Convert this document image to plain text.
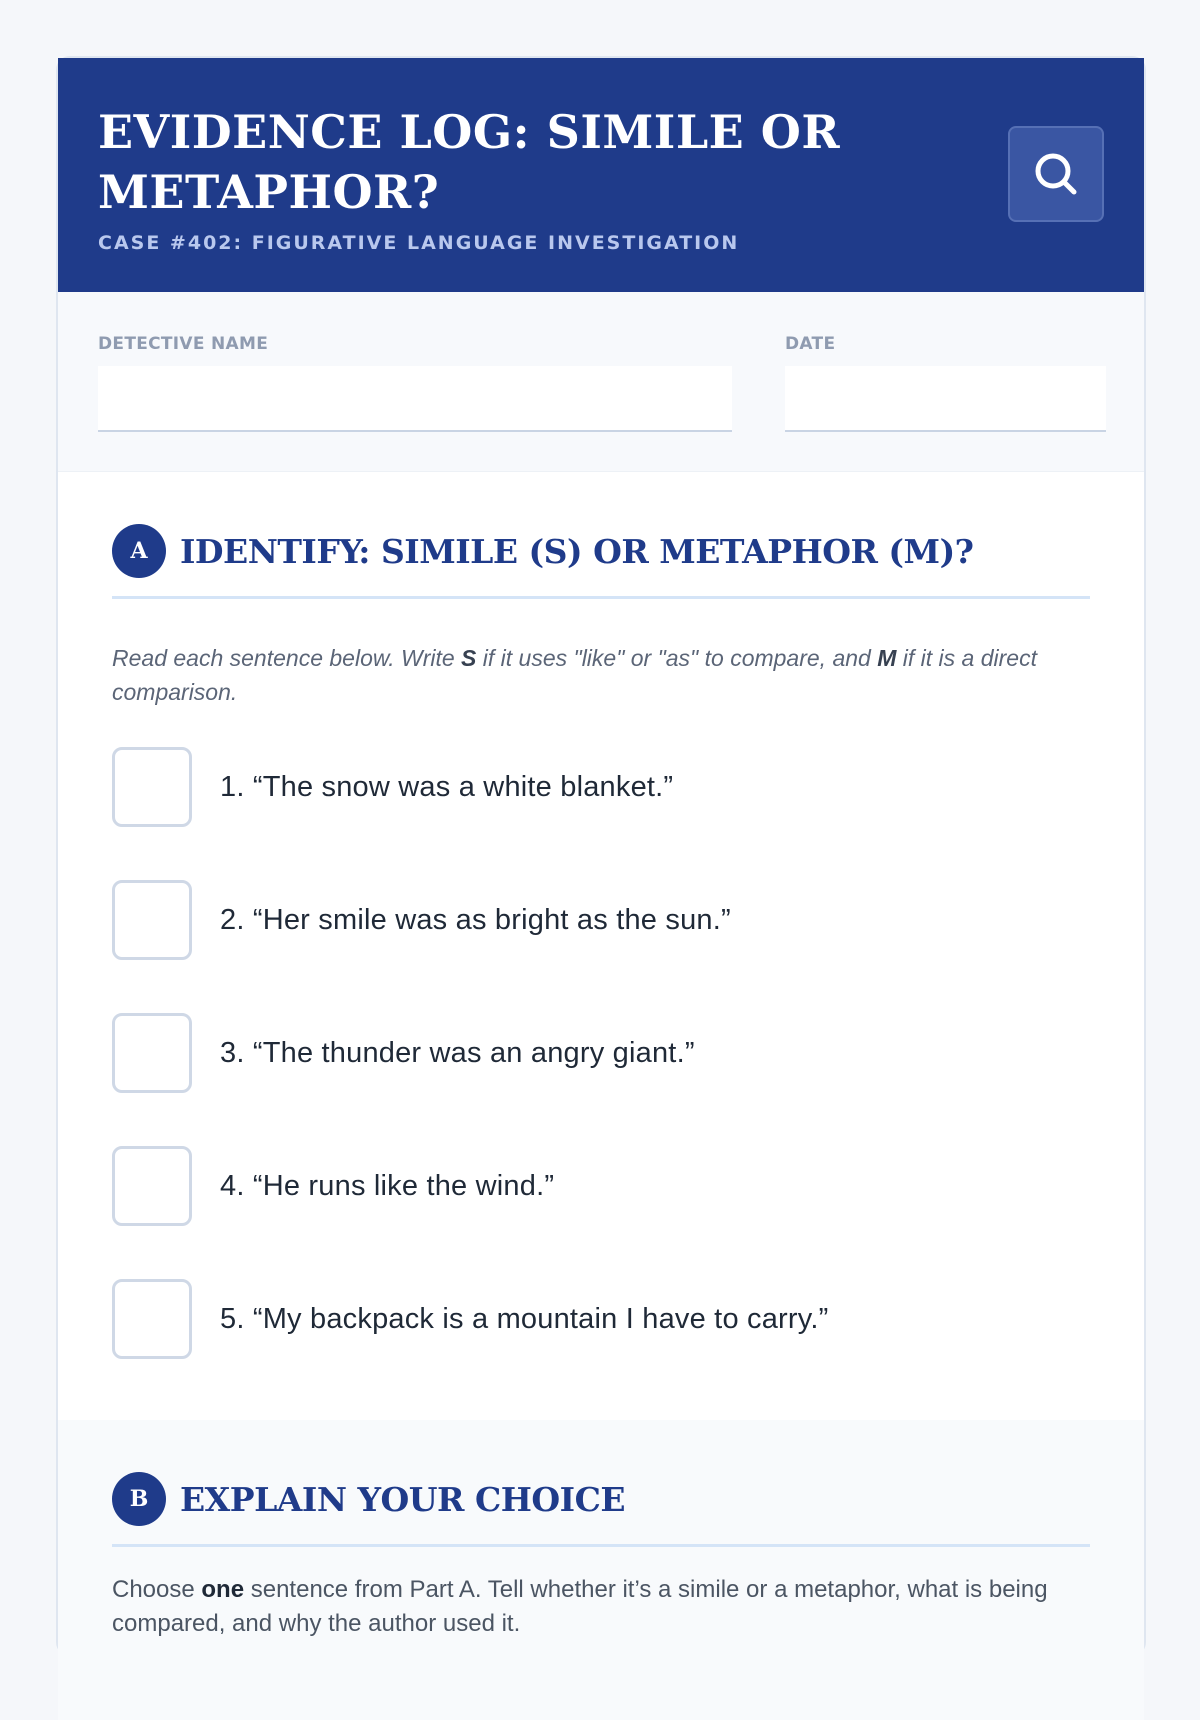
EVIDENCE LOG: SIMILE OR METAPHOR?
CASE #402: FIGURATIVE LANGUAGE INVESTIGATION
DETECTIVE NAME	DATE
A IDENTIFY: SIMILE (S) OR METAPHOR (M)?

Read each sentence below. Write S if it uses "like" or "as" to compare, and M if it is a direct comparison.

1. “The snow was a white blanket.”
2. “Her smile was as bright as the sun.”
3. “The thunder was an angry giant.”
4. “He runs like the wind.”
5. “My backpack is a mountain I have to carry.”
B EXPLAIN YOUR CHOICE

Choose one sentence from Part A. Tell whether it’s a simile or a metaphor, what is being compared, and why the author used it.
